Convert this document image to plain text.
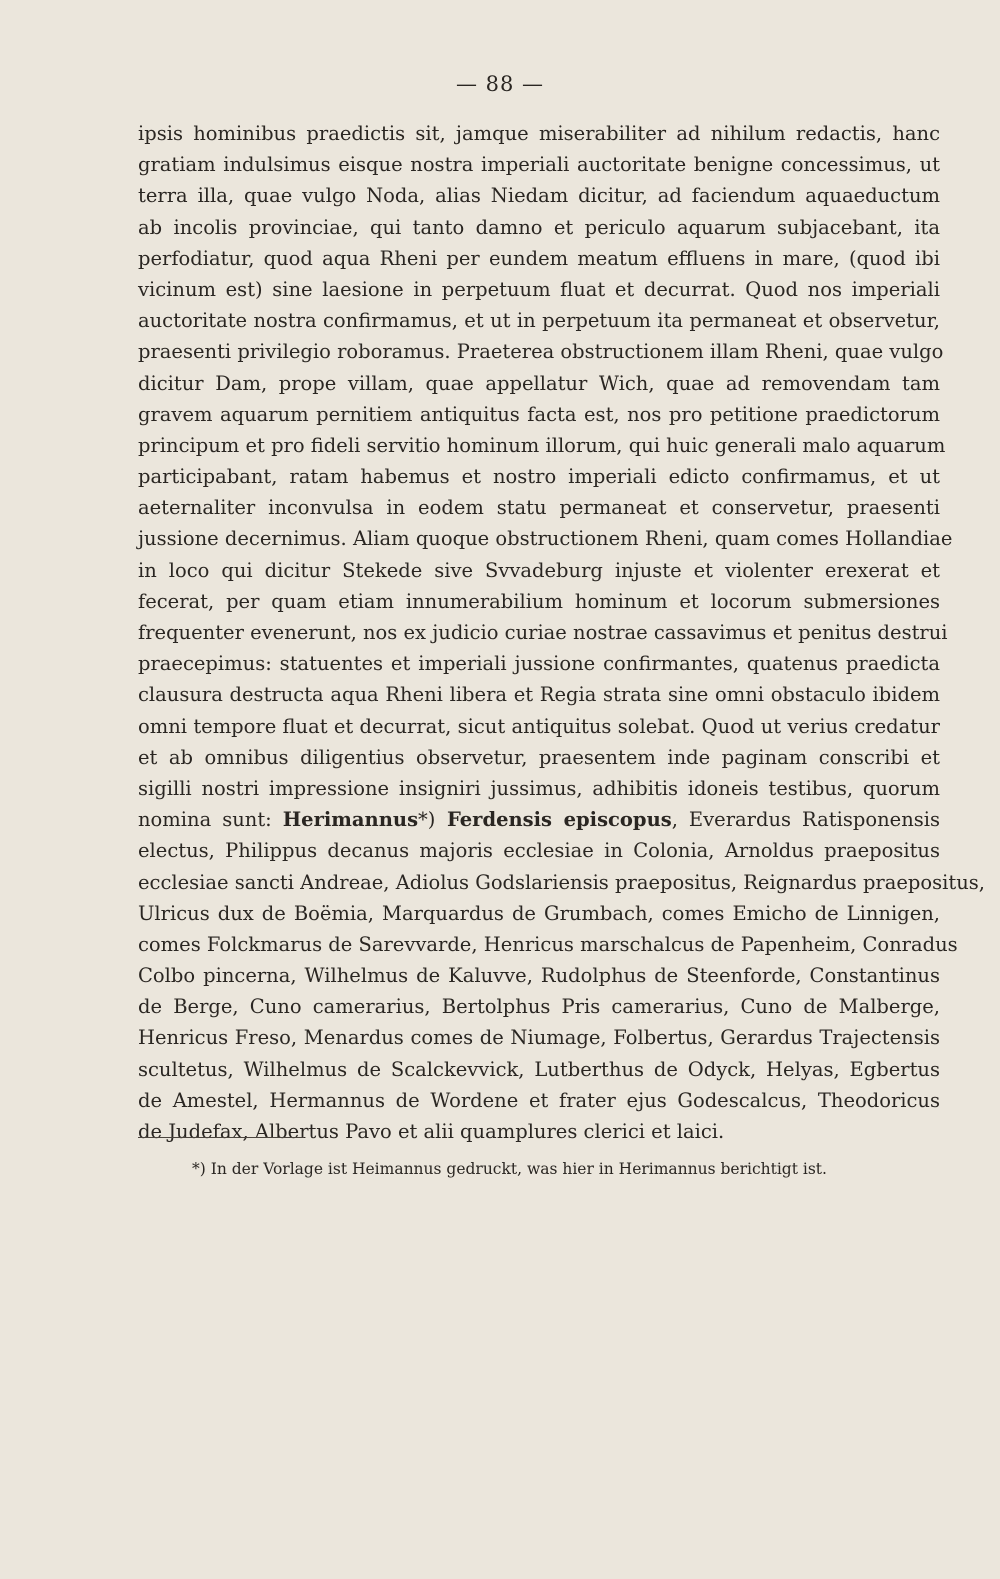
— 88 —
ipsis hominibus praedictis sit, jamque miserabiliter ad nihilum redactis, hanc
gratiam indulsimus eisque nostra imperiali auctoritate benigne concessimus, ut
terra illa, quae vulgo Noda, alias Niedam dicitur, ad faciendum aquaeductum
ab incolis provinciae, qui tanto damno et periculo aquarum subjacebant, ita
perfodiatur, quod aqua Rheni per eundem meatum effluens in mare, (quod ibi
vicinum est) sine laesione in perpetuum fluat et decurrat. Quod nos imperiali
auctoritate nostra confirmamus, et ut in perpetuum ita permaneat et observetur,
praesenti privilegio roboramus. Praeterea obstructionem illam Rheni, quae vulgo
dicitur Dam, prope villam, quae appellatur Wich, quae ad removendam tam
gravem aquarum pernitiem antiquitus facta est, nos pro petitione praedictorum
principum et pro fideli servitio hominum illorum, qui huic generali malo aquarum
participabant, ratam habemus et nostro imperiali edicto confirmamus, et ut
aeternaliter inconvulsa in eodem statu permaneat et conservetur, praesenti
jussione decernimus. Aliam quoque obstructionem Rheni, quam comes Hollandiae
in loco qui dicitur Stekede sive Svvadeburg injuste et violenter erexerat et
fecerat, per quam etiam innumerabilium hominum et locorum submersiones
frequenter evenerunt, nos ex judicio curiae nostrae cassavimus et penitus destrui
praecepimus: statuentes et imperiali jussione confirmantes, quatenus praedicta
clausura destructa aqua Rheni libera et Regia strata sine omni obstaculo ibidem
omni tempore fluat et decurrat, sicut antiquitus solebat. Quod ut verius credatur
et ab omnibus diligentius observetur, praesentem inde paginam conscribi et
sigilli nostri impressione insigniri jussimus, adhibitis idoneis testibus, quorum
nomina sunt: Herimannus*) Ferdensis episcopus, Everardus Ratisponensis
electus, Philippus decanus majoris ecclesiae in Colonia, Arnoldus praepositus
ecclesiae sancti Andreae, Adiolus Godslariensis praepositus, Reignardus praepositus,
Ulricus dux de Boëmia, Marquardus de Grumbach, comes Emicho de Linnigen,
comes Folckmarus de Sarevvarde, Henricus marschalcus de Papenheim, Conradus
Colbo pincerna, Wilhelmus de Kaluvve, Rudolphus de Steenforde, Constantinus
de Berge, Cuno camerarius, Bertolphus Pris camerarius, Cuno de Malberge,
Henricus Freso, Menardus comes de Niumage, Folbertus, Gerardus Trajectensis
scultetus, Wilhelmus de Scalckevvick, Lutberthus de Odyck, Helyas, Egbertus
de Amestel, Hermannus de Wordene et frater ejus Godescalcus, Theodoricus
de Judefax, Albertus Pavo et alii quamplures clerici et laici.
*) In der Vorlage ist Heimannus gedruckt, was hier in Herimannus berichtigt ist.
